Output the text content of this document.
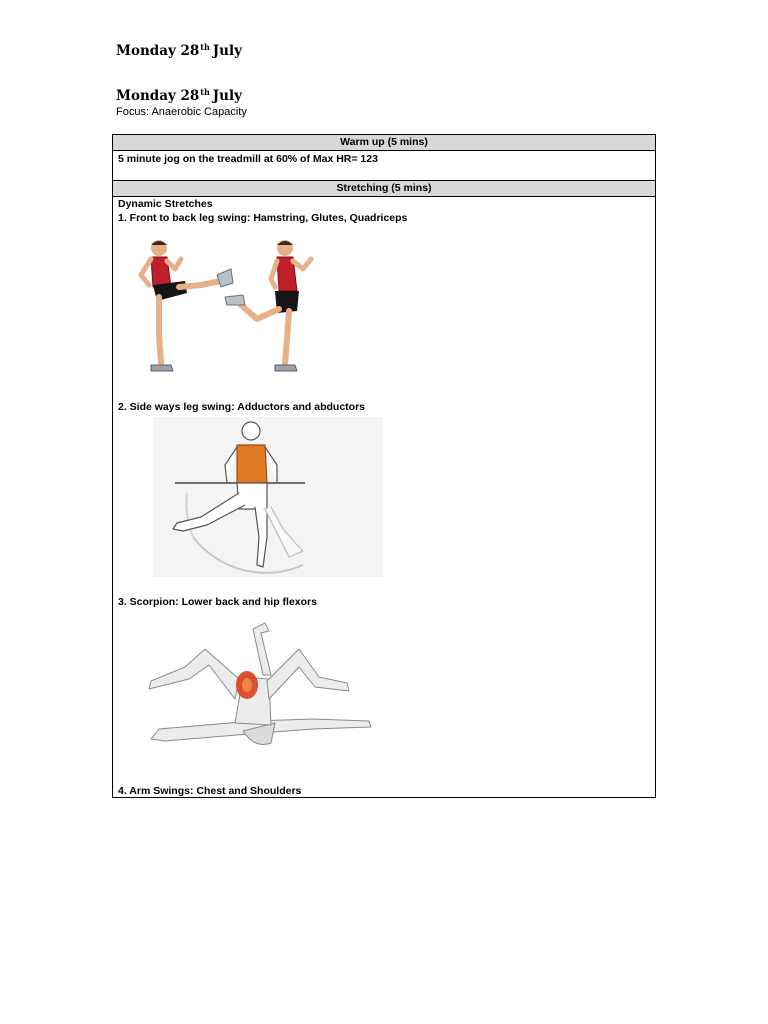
Monday 28th July
Monday 28th July
Focus: Anaerobic Capacity
Warm up (5 mins)
5 minute jog on the treadmill at 60% of Max HR= 123
Stretching (5 mins)
Dynamic Stretches
1. Front to back leg swing: Hamstring, Glutes, Quadriceps
2. Side ways leg swing: Adductors and abductors
3. Scorpion: Lower back and hip flexors
4. Arm Swings: Chest and Shoulders
